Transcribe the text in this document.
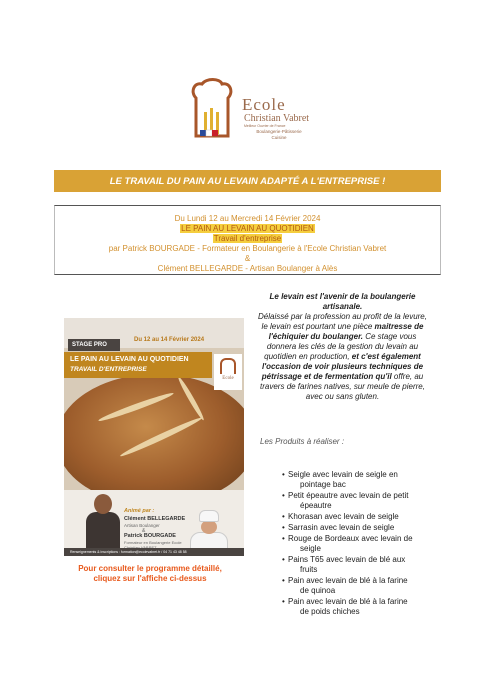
Ecole
Christian Vabret
Meilleur Ouvrier de France
Boulangerie·Pâtisserie
Cuisine
LE TRAVAIL DU PAIN AU LEVAIN ADAPTÉ A L'ENTREPRISE !
Du Lundi 12 au Mercredi 14 Février 2024
LE PAIN AU LEVAIN AU QUOTIDIEN
Travail d'entreprise
par Patrick BOURGADE - Formateur en Boulangerie à l'Ecole Christian Vabret
&
Clément BELLEGARDE - Artisan Boulanger à Alès
STAGE PRO
Du 12 au 14 Février 2024
LE PAIN AU LEVAIN AU QUOTIDIEN
TRAVAIL D'ENTREPRISE
Ecole
Animé par :
Clément BELLEGARDE
Artisan Boulanger
&
Patrick BOURGADE
Formateur en Boulangerie Ecole
Renseignements & inscriptions : formation@ecolevabret.fr / 04 71 43 48 58
Pour consulter le programme détaillé, cliquez sur l'affiche ci-dessus
Le levain est l'avenir de la boulangerie artisanale.
Délaissé par la profession au profit de la levure, le levain est pourtant une pièce maitresse de l'échiquier du boulanger. Ce stage vous donnera les clés de la gestion du levain au quotidien en production, et c'est également l'occasion de voir plusieurs techniques de pétrissage et de fermentation qu'il offre, au travers de farines natives, sur meule de pierre, avec ou sans gluten.
Les Produits à réaliser :
• Seigle avec levain de seigle en
pointage bac
• Petit épeautre avec levain de petit
épeautre
• Khorasan avec levain de seigle
• Sarrasin avec levain de seigle
• Rouge de Bordeaux avec levain de
seigle
• Pains T65 avec levain de blé aux
fruits
• Pain avec levain de blé à la farine
de quinoa
• Pain avec levain de blé à la farine
de poids chiches
